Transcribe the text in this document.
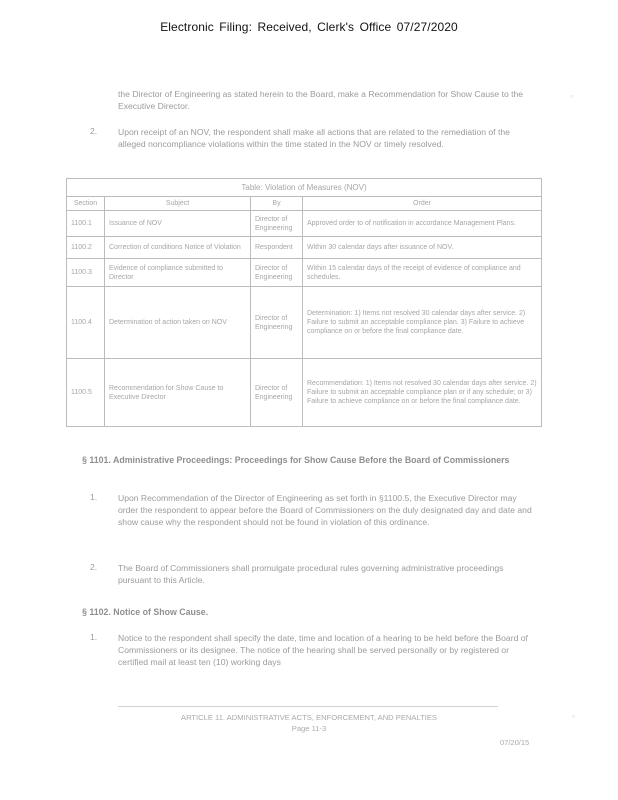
Electronic Filing: Received, Clerk's Office 07/27/2020
▫
the Director of Engineering as stated herein to the Board, make a Recommendation for Show Cause to the Executive Director.
2. Upon receipt of an NOV, the respondent shall make all actions that are related to the remediation of the alleged noncompliance violations within the time stated in the NOV or timely resolved.
Table: Violation of Measures (NOV)			
Section	Subject	By	Order
1100.1	Issuance of NOV	Director of Engineering	Approved order to of notification in accordance Management Plans.
1100.2	Correction of conditions Notice of Violation	Respondent	Within 30 calendar days after issuance of NOV.
1100.3	Evidence of compliance submitted to Director	Director of Engineering	Within 15 calendar days of the receipt of evidence of compliance and schedules.
1100.4	Determination of action taken on NOV	Director of Engineering	Determination: 1) Items not resolved 30 calendar days after service. 2) Failure to submit an acceptable compliance plan. 3) Failure to achieve compliance on or before the final compliance date.
1100.5	Recommendation for Show Cause to Executive Director	Director of Engineering	Recommendation: 1) Items not resolved 30 calendar days after service. 2) Failure to submit an acceptable compliance plan or if any schedule; or 3) Failure to achieve compliance on or before the final compliance date.
§ 1101. Administrative Proceedings: Proceedings for Show Cause Before the Board of Commissioners
1. Upon Recommendation of the Director of Engineering as set forth in §1100.5, the Executive Director may order the respondent to appear before the Board of Commissioners on the duly designated day and date and show cause why the respondent should not be found in violation of this ordinance.
2. The Board of Commissioners shall promulgate procedural rules governing administrative proceedings pursuant to this Article.
§ 1102. Notice of Show Cause.
1. Notice to the respondent shall specify the date, time and location of a hearing to be held before the Board of Commissioners or its designee. The notice of the hearing shall be served personally or by registered or certified mail at least ten (10) working days
ARTICLE 11. ADMINISTRATIVE ACTS, ENFORCEMENT, AND PENALTIES
Page 11-3
07/20/15
▫
